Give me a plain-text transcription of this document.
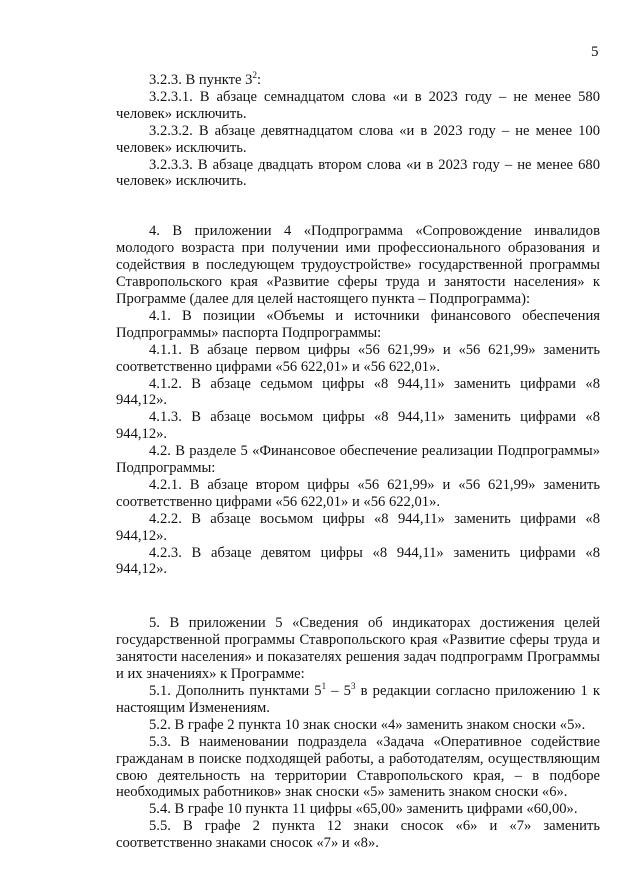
5

3.2.3. В пункте $3^2$:

3.2.3.1. В абзаце семнадцатом слова «и в 2023 году – не менее 580 человек» исключить.

3.2.3.2. В абзаце девятнадцатом слова «и в 2023 году – не менее 100 человек» исключить.

3.2.3.3. В абзаце двадцать втором слова «и в 2023 году – не менее 680 человек» исключить.

4. В приложении 4 «Подпрограмма «Сопровождение инвалидов молодого возраста при получении ими профессионального образования и содействия в последующем трудоустройстве» государственной программы Ставропольского края «Развитие сферы труда и занятости населения» к Программе (далее для целей настоящего пункта – Подпрограмма):

4.1. В позиции «Объемы и источники финансового обеспечения Подпрограммы» паспорта Подпрограммы:

4.1.1. В абзаце первом цифры «56 621,99» и «56 621,99» заменить соответственно цифрами «56 622,01» и «56 622,01».

4.1.2. В абзаце седьмом цифры «8 944,11» заменить цифрами «8 944,12».

4.1.3. В абзаце восьмом цифры «8 944,11» заменить цифрами «8 944,12».

4.2. В разделе 5 «Финансовое обеспечение реализации Подпрограммы» Подпрограммы:

4.2.1. В абзаце втором цифры «56 621,99» и «56 621,99» заменить соответственно цифрами «56 622,01» и «56 622,01».

4.2.2. В абзаце восьмом цифры «8 944,11» заменить цифрами «8 944,12».

4.2.3. В абзаце девятом цифры «8 944,11» заменить цифрами «8 944,12».

5. В приложении 5 «Сведения об индикаторах достижения целей государственной программы Ставропольского края «Развитие сферы труда и занятости населения» и показателях решения задач подпрограмм Программы и их значениях» к Программе:

5.1. Дополнить пунктами $5^1 - 5^3$ в редакции согласно приложению 1 к настоящим Изменениям.

5.2. В графе 2 пункта 10 знак сноски «4» заменить знаком сноски «5».

5.3. В наименовании подраздела «Задача «Оперативное содействие гражданам в поиске подходящей работы, а работодателям, осуществляющим свою деятельность на территории Ставропольского края, – в подборе необходимых работников» знак сноски «5» заменить знаком сноски «6».

5.4. В графе 10 пункта 11 цифры «65,00» заменить цифрами «60,00».

5.5. В графе 2 пункта 12 знаки сносок «6» и «7» заменить соответственно знаками сносок «7» и «8».
